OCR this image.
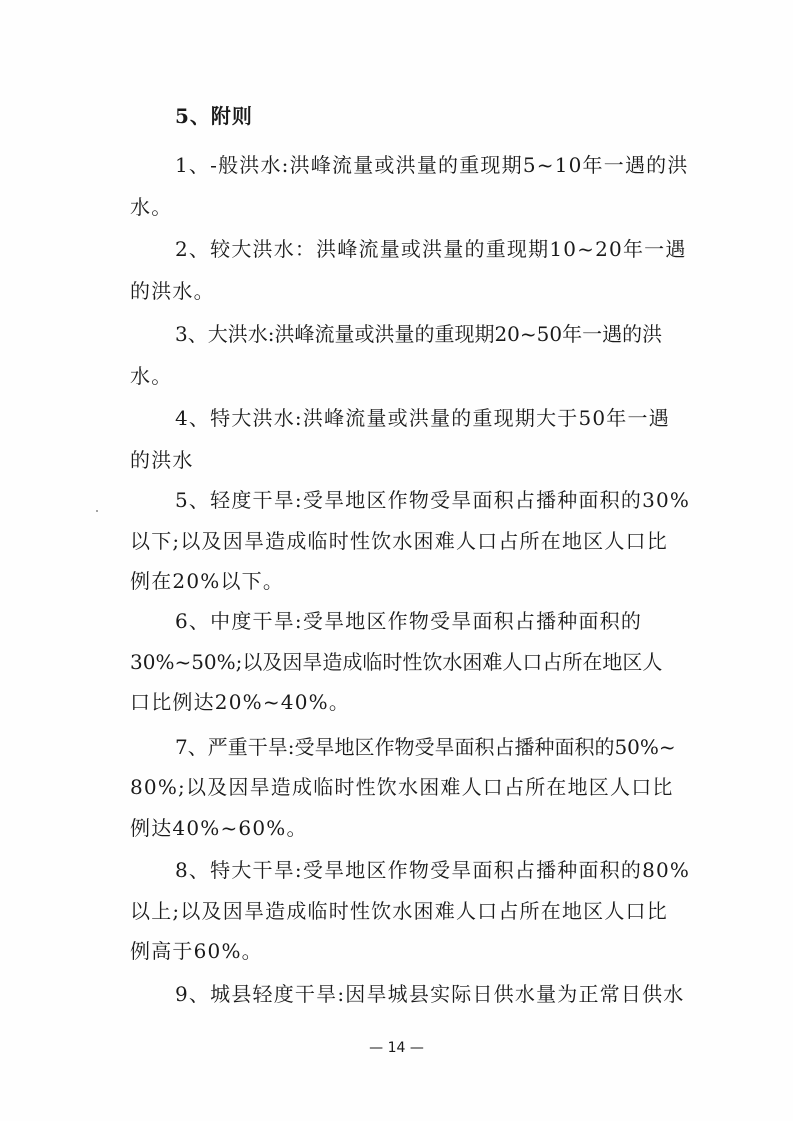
5、附则
1、-般洪水:洪峰流量或洪量的重现期5~10年一遇的洪
水。
2、较大洪水：洪峰流量或洪量的重现期10~20年一遇
的洪水。
3、大洪水:洪峰流量或洪量的重现期20~50年一遇的洪
水。
4、特大洪水:洪峰流量或洪量的重现期大于50年一遇
的洪水
5、轻度干旱:受旱地区作物受旱面积占播种面积的30%
以下;以及因旱造成临时性饮水困难人口占所在地区人口比
例在20%以下。
6、中度干旱:受旱地区作物受旱面积占播种面积的
30%~50%;以及因旱造成临时性饮水困难人口占所在地区人
口比例达20%~40%。
7、严重干旱:受旱地区作物受旱面积占播种面积的50%~
80%;以及因旱造成临时性饮水困难人口占所在地区人口比
例达40%~60%。
8、特大干旱:受旱地区作物受旱面积占播种面积的80%
以上;以及因旱造成临时性饮水困难人口占所在地区人口比
例高于60%。
9、城县轻度干旱:因旱城县实际日供水量为正常日供水
— 14 —
